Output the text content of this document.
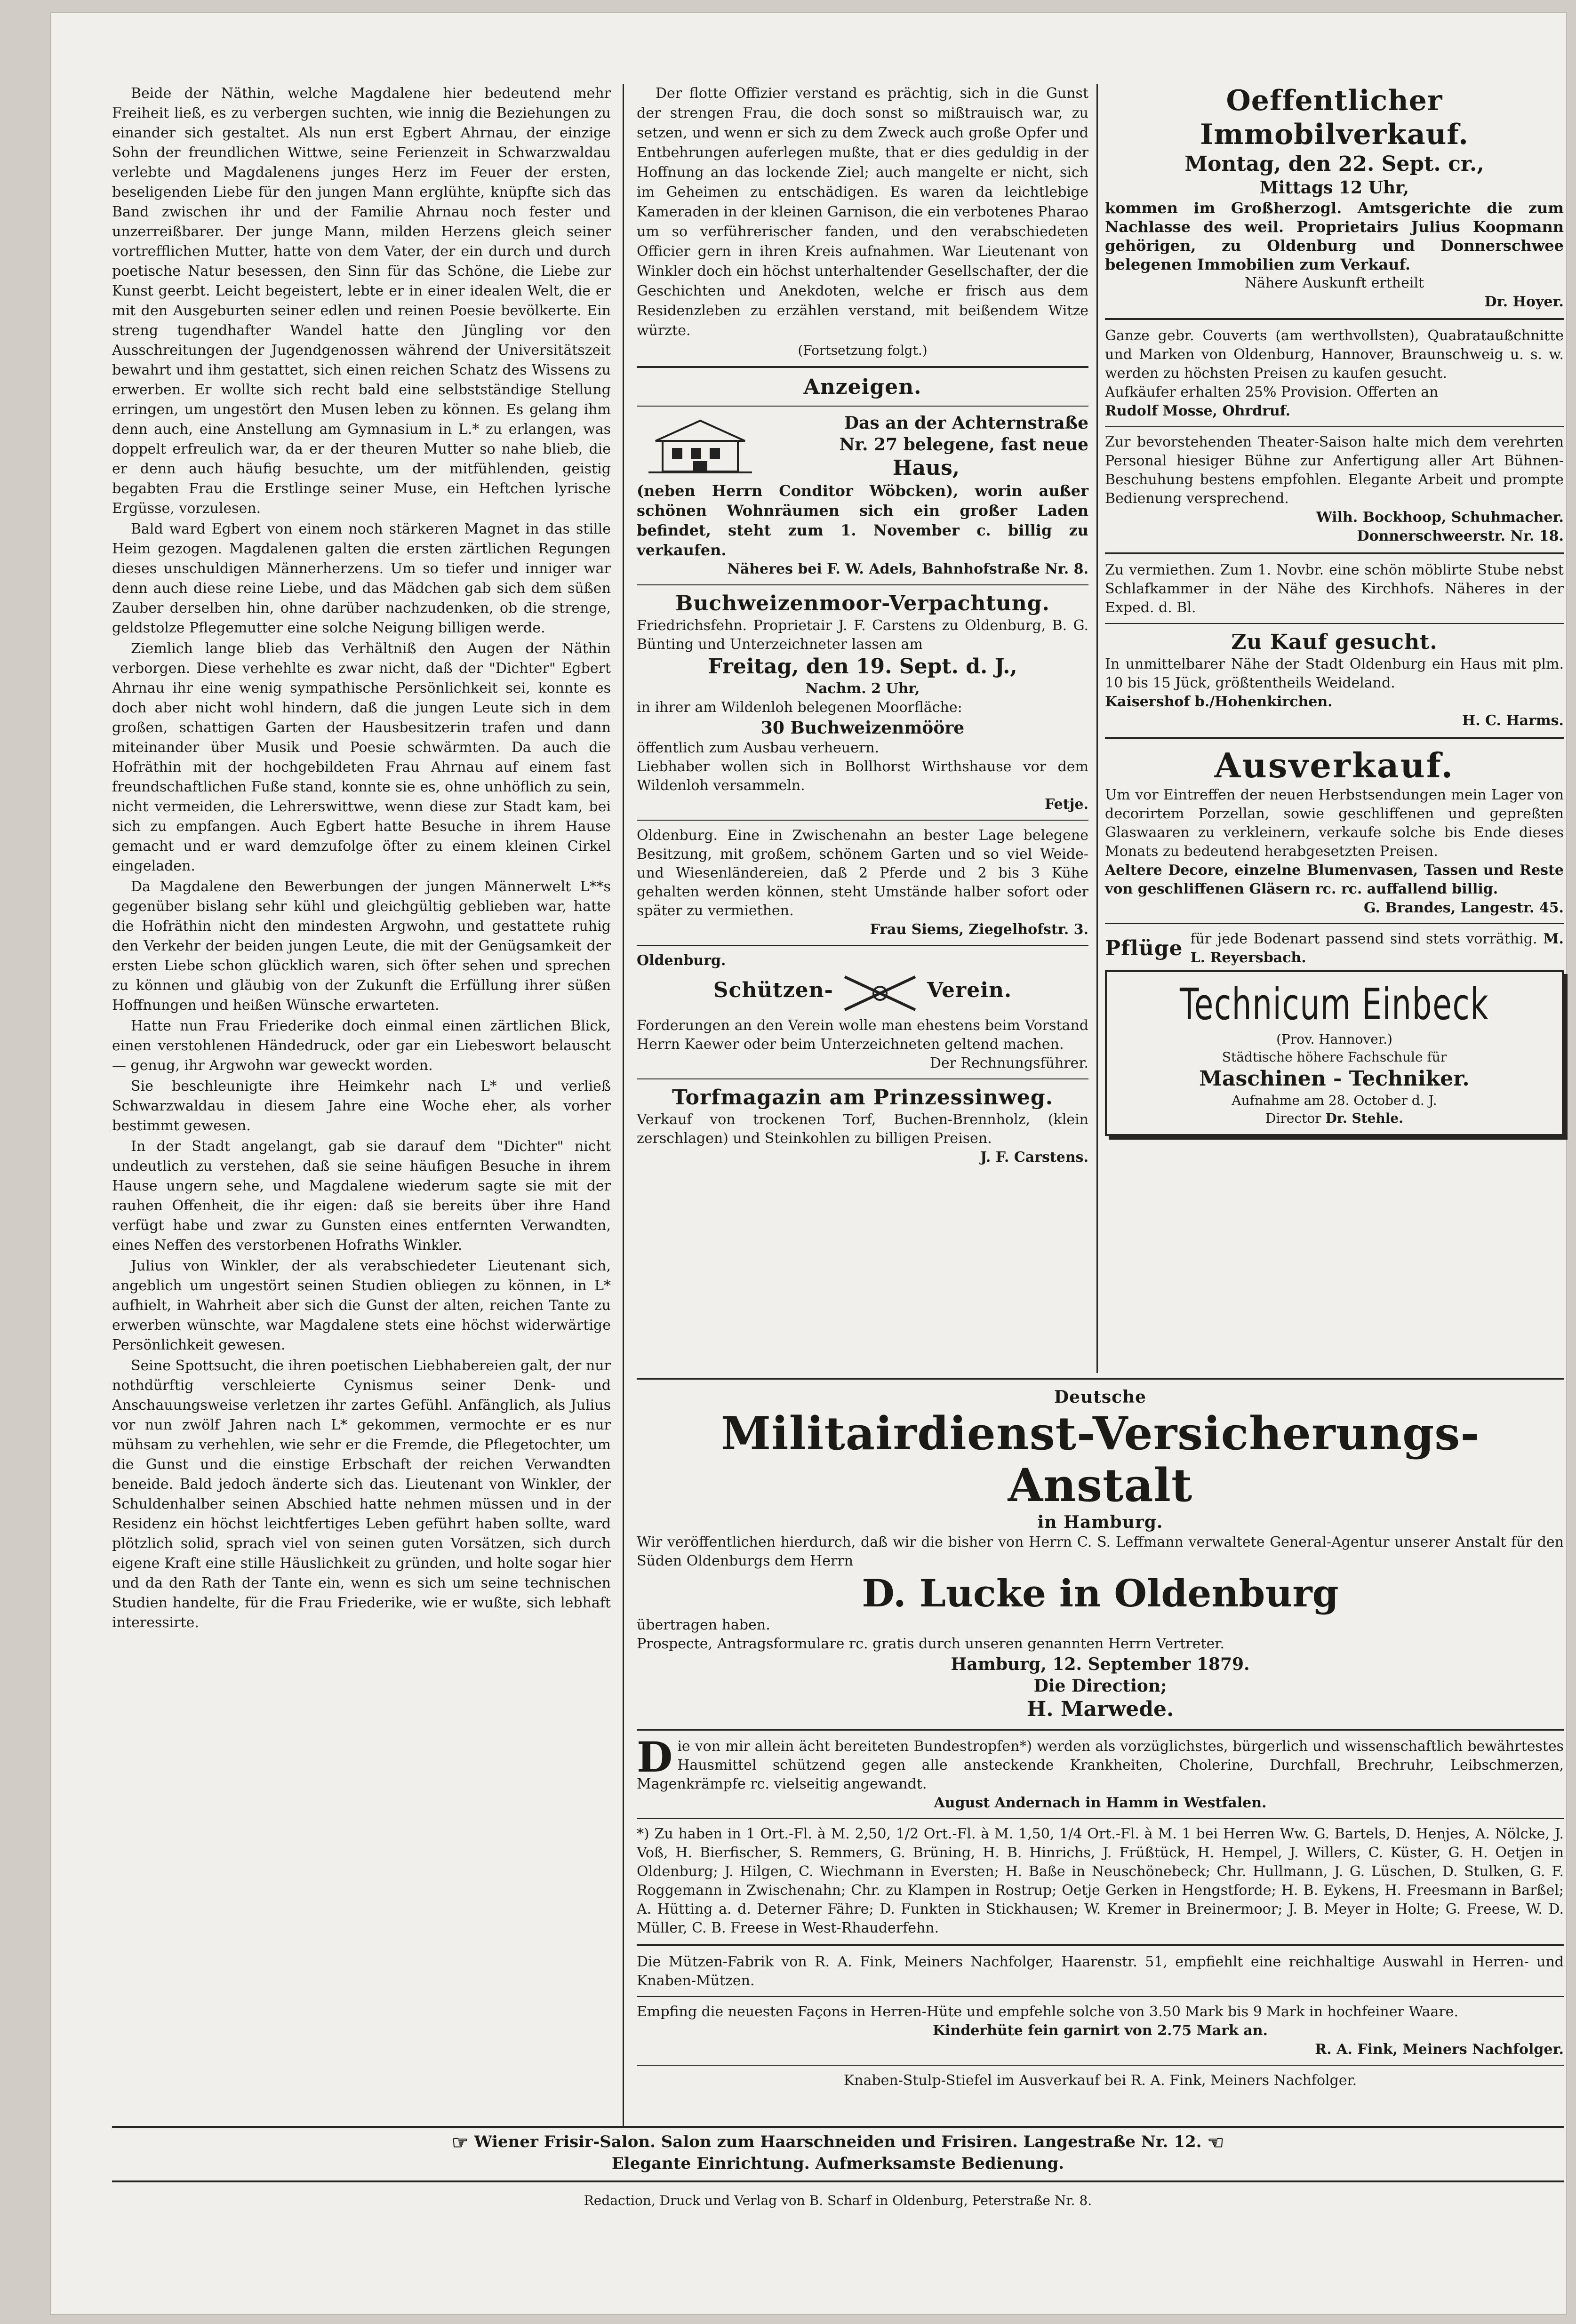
Beide der Näthin, welche Magdalene hier bedeutend mehr Freiheit ließ, es zu verbergen suchten, wie innig die Beziehungen zu einander sich gestaltet. Als nun erst Egbert Ahrnau, der einzige Sohn der freundlichen Wittwe, seine Ferienzeit in Schwarzwaldau verlebte und Magdalenens junges Herz im Feuer der ersten, beseligenden Liebe für den jungen Mann erglühte, knüpfte sich das Band zwischen ihr und der Familie Ahrnau noch fester und unzerreißbarer. Der junge Mann, milden Herzens gleich seiner vortrefflichen Mutter, hatte von dem Vater, der ein durch und durch poetische Natur besessen, den Sinn für das Schöne, die Liebe zur Kunst geerbt. Leicht begeistert, lebte er in einer idealen Welt, die er mit den Ausgeburten seiner edlen und reinen Poesie bevölkerte. Ein streng tugendhafter Wandel hatte den Jüngling vor den Ausschreitungen der Jugendgenossen während der Universitätszeit bewahrt und ihm gestattet, sich einen reichen Schatz des Wissens zu erwerben. Er wollte sich recht bald eine selbstständige Stellung erringen, um ungestört den Musen leben zu können. Es gelang ihm denn auch, eine Anstellung am Gymnasium in L.* zu erlangen, was doppelt erfreulich war, da er der theuren Mutter so nahe blieb, die er denn auch häufig besuchte, um der mitfühlenden, geistig begabten Frau die Erstlinge seiner Muse, ein Heftchen lyrische Ergüsse, vorzulesen.

Bald ward Egbert von einem noch stärkeren Magnet in das stille Heim gezogen. Magdalenen galten die ersten zärtlichen Regungen dieses unschuldigen Männerherzens. Um so tiefer und inniger war denn auch diese reine Liebe, und das Mädchen gab sich dem süßen Zauber derselben hin, ohne darüber nachzudenken, ob die strenge, geldstolze Pflegemutter eine solche Neigung billigen werde.

Ziemlich lange blieb das Verhältniß den Augen der Näthin verborgen. Diese verhehlte es zwar nicht, daß der "Dichter" Egbert Ahrnau ihr eine wenig sympathische Persönlichkeit sei, konnte es doch aber nicht wohl hindern, daß die jungen Leute sich in dem großen, schattigen Garten der Hausbesitzerin trafen und dann miteinander über Musik und Poesie schwärmten. Da auch die Hofräthin mit der hochgebildeten Frau Ahrnau auf einem fast freundschaftlichen Fuße stand, konnte sie es, ohne unhöflich zu sein, nicht vermeiden, die Lehrerswittwe, wenn diese zur Stadt kam, bei sich zu empfangen. Auch Egbert hatte Besuche in ihrem Hause gemacht und er ward demzufolge öfter zu einem kleinen Cirkel eingeladen.

Da Magdalene den Bewerbungen der jungen Männerwelt L**s gegenüber bislang sehr kühl und gleichgültig geblieben war, hatte die Hofräthin nicht den mindesten Argwohn, und gestattete ruhig den Verkehr der beiden jungen Leute, die mit der Genügsamkeit der ersten Liebe schon glücklich waren, sich öfter sehen und sprechen zu können und gläubig von der Zukunft die Erfüllung ihrer süßen Hoffnungen und heißen Wünsche erwarteten.

Hatte nun Frau Friederike doch einmal einen zärtlichen Blick, einen verstohlenen Händedruck, oder gar ein Liebeswort belauscht — genug, ihr Argwohn war geweckt worden.

Sie beschleunigte ihre Heimkehr nach L* und verließ Schwarzwaldau in diesem Jahre eine Woche eher, als vorher bestimmt gewesen.

In der Stadt angelangt, gab sie darauf dem "Dichter" nicht undeutlich zu verstehen, daß sie seine häufigen Besuche in ihrem Hause ungern sehe, und Magdalene wiederum sagte sie mit der rauhen Offenheit, die ihr eigen: daß sie bereits über ihre Hand verfügt habe und zwar zu Gunsten eines entfernten Verwandten, eines Neffen des verstorbenen Hofraths Winkler.

Julius von Winkler, der als verabschiedeter Lieutenant sich, angeblich um ungestört seinen Studien obliegen zu können, in L* aufhielt, in Wahrheit aber sich die Gunst der alten, reichen Tante zu erwerben wünschte, war Magdalene stets eine höchst widerwärtige Persönlichkeit gewesen.

Seine Spottsucht, die ihren poetischen Liebhabereien galt, der nur nothdürftig verschleierte Cynismus seiner Denk- und Anschauungsweise verletzen ihr zartes Gefühl. Anfänglich, als Julius vor nun zwölf Jahren nach L* gekommen, vermochte er es nur mühsam zu verhehlen, wie sehr er die Fremde, die Pflegetochter, um die Gunst und die einstige Erbschaft der reichen Verwandten beneide. Bald jedoch änderte sich das. Lieutenant von Winkler, der Schuldenhalber seinen Abschied hatte nehmen müssen und in der Residenz ein höchst leichtfertiges Leben geführt haben sollte, ward plötzlich solid, sprach viel von seinen guten Vorsätzen, sich durch eigene Kraft eine stille Häuslichkeit zu gründen, und holte sogar hier und da den Rath der Tante ein, wenn es sich um seine technischen Studien handelte, für die Frau Friederike, wie er wußte, sich lebhaft interessirte.

Der flotte Offizier verstand es prächtig, sich in die Gunst der strengen Frau, die doch sonst so mißtrauisch war, zu setzen, und wenn er sich zu dem Zweck auch große Opfer und Entbehrungen auferlegen mußte, that er dies geduldig in der Hoffnung an das lockende Ziel; auch mangelte er nicht, sich im Geheimen zu entschädigen. Es waren da leichtlebige Kameraden in der kleinen Garnison, die ein verbotenes Pharao um so verführerischer fanden, und den verabschiedeten Officier gern in ihren Kreis aufnahmen. War Lieutenant von Winkler doch ein höchst unterhaltender Gesellschafter, der die Geschichten und Anekdoten, welche er frisch aus dem Residenzleben zu erzählen verstand, mit beißendem Witze würzte.

(Fortsetzung folgt.)

Anzeigen.

Das an der Achternstraße

Nr. 27 belegene, fast neue

Haus,

(neben Herrn Conditor Wöbcken), worin außer schönen Wohnräumen sich ein großer Laden befindet, steht zum 1. November c. billig zu verkaufen.

Näheres bei F. W. Adels, Bahnhofstraße Nr. 8.

Buchweizenmoor-Verpachtung.

Friedrichsfehn. Proprietair J. F. Carstens zu Oldenburg, B. G. Bünting und Unterzeichneter lassen am

Freitag, den 19. Sept. d. J.,

Nachm. 2 Uhr,

in ihrer am Wildenloh belegenen Moorfläche:

30 Buchweizenmööre

öffentlich zum Ausbau verheuern.

Liebhaber wollen sich in Bollhorst Wirthshause vor dem Wildenloh versammeln.

Fetje.

Oldenburg. Eine in Zwischenahn an bester Lage belegene Besitzung, mit großem, schönem Garten und so viel Weide- und Wiesenländereien, daß 2 Pferde und 2 bis 3 Kühe gehalten werden können, steht Umstände halber sofort oder später zu vermiethen.

Frau Siems, Ziegelhofstr. 3.

Oldenburg.

Schützen-	Verein.

Forderungen an den Verein wolle man ehestens beim Vorstand Herrn Kaewer oder beim Unterzeichneten geltend machen.

Der Rechnungsführer.

Torfmagazin am Prinzessinweg.

Verkauf von trockenen Torf, Buchen-Brennholz, (klein zerschlagen) und Steinkohlen zu billigen Preisen.

J. F. Carstens.

Oeffentlicher Immobilverkauf.

Montag, den 22. Sept. cr.,

Mittags 12 Uhr,

kommen im Großherzogl. Amtsgerichte die zum Nachlasse des weil. Proprietairs Julius Koopmann gehörigen, zu Oldenburg und Donnerschwee belegenen Immobilien zum Verkauf.

Nähere Auskunft ertheilt

Dr. Hoyer.

Ganze gebr. Couverts (am werthvollsten), Quabrataußchnitte und Marken von Oldenburg, Hannover, Braunschweig u. s. w. werden zu höchsten Preisen zu kaufen gesucht.

Aufkäufer erhalten 25% Provision. Offerten an

Rudolf Mosse, Ohrdruf.

Zur bevorstehenden Theater-Saison halte mich dem verehrten Personal hiesiger Bühne zur Anfertigung aller Art Bühnen-Beschuhung bestens empfohlen. Elegante Arbeit und prompte Bedienung versprechend.

Wilh. Bockhoop, Schuhmacher.

Donnerschweerstr. Nr. 18.

Zu vermiethen. Zum 1. Novbr. eine schön möblirte Stube nebst Schlafkammer in der Nähe des Kirchhofs. Näheres in der Exped. d. Bl.

Zu Kauf gesucht.

In unmittelbarer Nähe der Stadt Oldenburg ein Haus mit plm. 10 bis 15 Jück, größtentheils Weideland.

Kaisershof b./Hohenkirchen.

H. C. Harms.

Ausverkauf.

Um vor Eintreffen der neuen Herbstsendungen mein Lager von decorirtem Porzellan, sowie geschliffenen und gepreßten Glaswaaren zu verkleinern, verkaufe solche bis Ende dieses Monats zu bedeutend herabgesetzten Preisen.

Aeltere Decore, einzelne Blumenvasen, Tassen und Reste von geschliffenen Gläsern rc. rc. auffallend billig.

G. Brandes, Langestr. 45.

Pflüge für jede Bodenart passend sind stets vorräthig. M. L. Reyersbach.

Technicum Einbeck

(Prov. Hannover.)

Städtische höhere Fachschule für

Maschinen - Techniker.

Aufnahme am 28. October d. J.

Director Dr. Stehle.

Deutsche

Militairdienst-Versicherungs-Anstalt

in Hamburg.

Wir veröffentlichen hierdurch, daß wir die bisher von Herrn C. S. Leffmann verwaltete General-Agentur unserer Anstalt für den Süden Oldenburgs dem Herrn

D. Lucke in Oldenburg

übertragen haben.

Prospecte, Antragsformulare rc. gratis durch unseren genannten Herrn Vertreter.

Hamburg, 12. September 1879.

Die Direction;

H. Marwede.

D ie von mir allein ächt bereiteten Bundestropfen*) werden als vorzüglichstes, bürgerlich und wissenschaftlich bewährtestes Hausmittel schützend gegen alle ansteckende Krankheiten, Cholerine, Durchfall, Brechruhr, Leibschmerzen, Magenkrämpfe rc. vielseitig angewandt.

August Andernach in Hamm in Westfalen.

*) Zu haben in 1 Ort.-Fl. à M. 2,50, 1/2 Ort.-Fl. à M. 1,50, 1/4 Ort.-Fl. à M. 1 bei Herren Ww. G. Bartels, D. Henjes, A. Nölcke, J. Voß, H. Bierfischer, S. Remmers, G. Brüning, H. B. Hinrichs, J. Früßtück, H. Hempel, J. Willers, C. Küster, G. H. Oetjen in Oldenburg; J. Hilgen, C. Wiechmann in Eversten; H. Baße in Neuschönebeck; Chr. Hullmann, J. G. Lüschen, D. Stulken, G. F. Roggemann in Zwischenahn; Chr. zu Klampen in Rostrup; Oetje Gerken in Hengstforde; H. B. Eykens, H. Freesmann in Barßel; A. Hütting a. d. Deterner Fähre; D. Funkten in Stickhausen; W. Kremer in Breinermoor; J. B. Meyer in Holte; G. Freese, W. D. Müller, C. B. Freese in West-Rhauderfehn.

Die Mützen-Fabrik von R. A. Fink, Meiners Nachfolger, Haarenstr. 51, empfiehlt eine reichhaltige Auswahl in Herren- und Knaben-Mützen.

Empfing die neuesten Façons in Herren-Hüte und empfehle solche von 3.50 Mark bis 9 Mark in hochfeiner Waare.

Kinderhüte fein garnirt von 2.75 Mark an.

R. A. Fink, Meiners Nachfolger.

Knaben-Stulp-Stiefel im Ausverkauf bei R. A. Fink, Meiners Nachfolger.

☞ Wiener Frisir-Salon. Salon zum Haarschneiden und Frisiren. Langestraße Nr. 12. ☜

Elegante Einrichtung. Aufmerksamste Bedienung.

Redaction, Druck und Verlag von B. Scharf in Oldenburg, Peterstraße Nr. 8.
